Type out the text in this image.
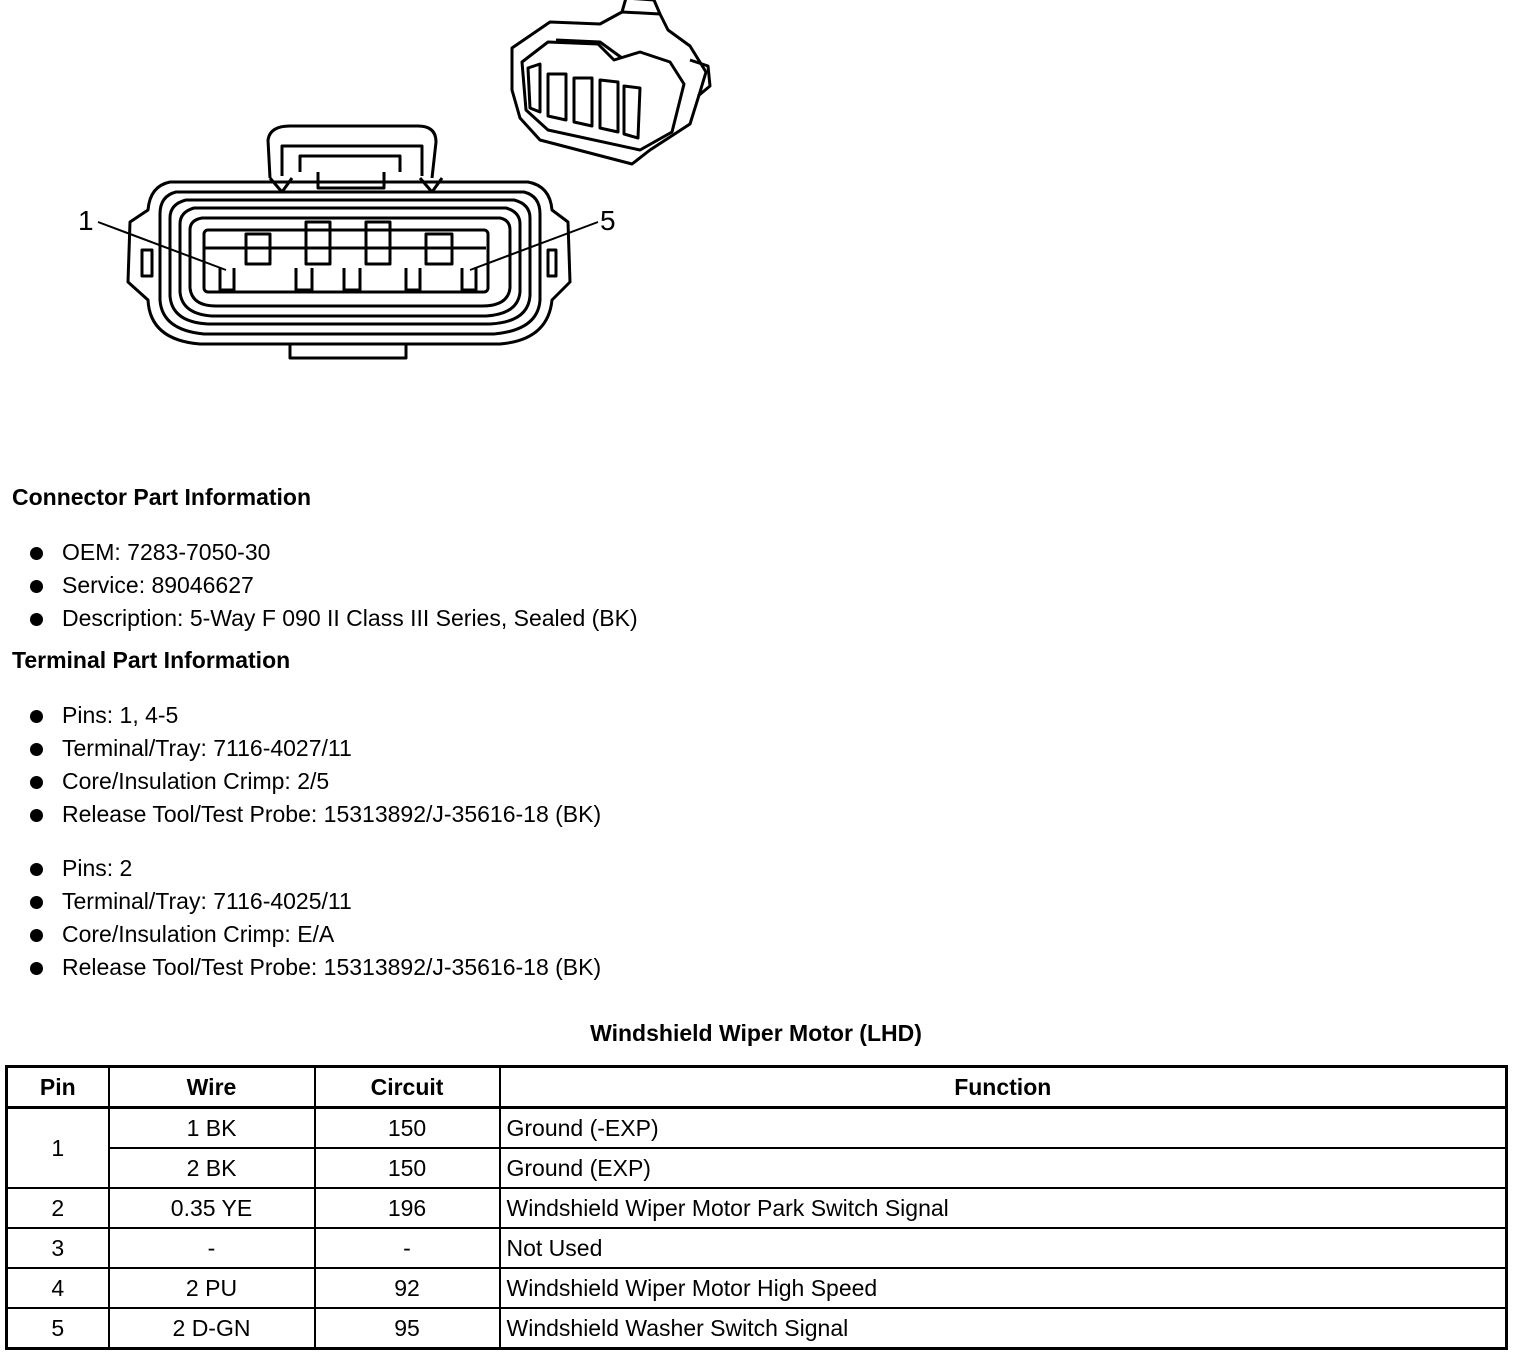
1	5
Connector Part Information
OEM: 7283-7050-30
Service: 89046627
Description: 5-Way F 090 II Class III Series, Sealed (BK)
Terminal Part Information
Pins: 1, 4-5
Terminal/Tray: 7116-4027/11
Core/Insulation Crimp: 2/5
Release Tool/Test Probe: 15313892/J-35616-18 (BK)
Pins: 2
Terminal/Tray: 7116-4025/11
Core/Insulation Crimp: E/A
Release Tool/Test Probe: 15313892/J-35616-18 (BK)
Windshield Wiper Motor (LHD)
Pin	Wire	Circuit	Function
1	1 BK	150	Ground (-EXP)
	2 BK	150	Ground (EXP)
2	0.35 YE	196	Windshield Wiper Motor Park Switch Signal
3	-	-	Not Used
4	2 PU	92	Windshield Wiper Motor High Speed
5	2 D-GN	95	Windshield Washer Switch Signal
